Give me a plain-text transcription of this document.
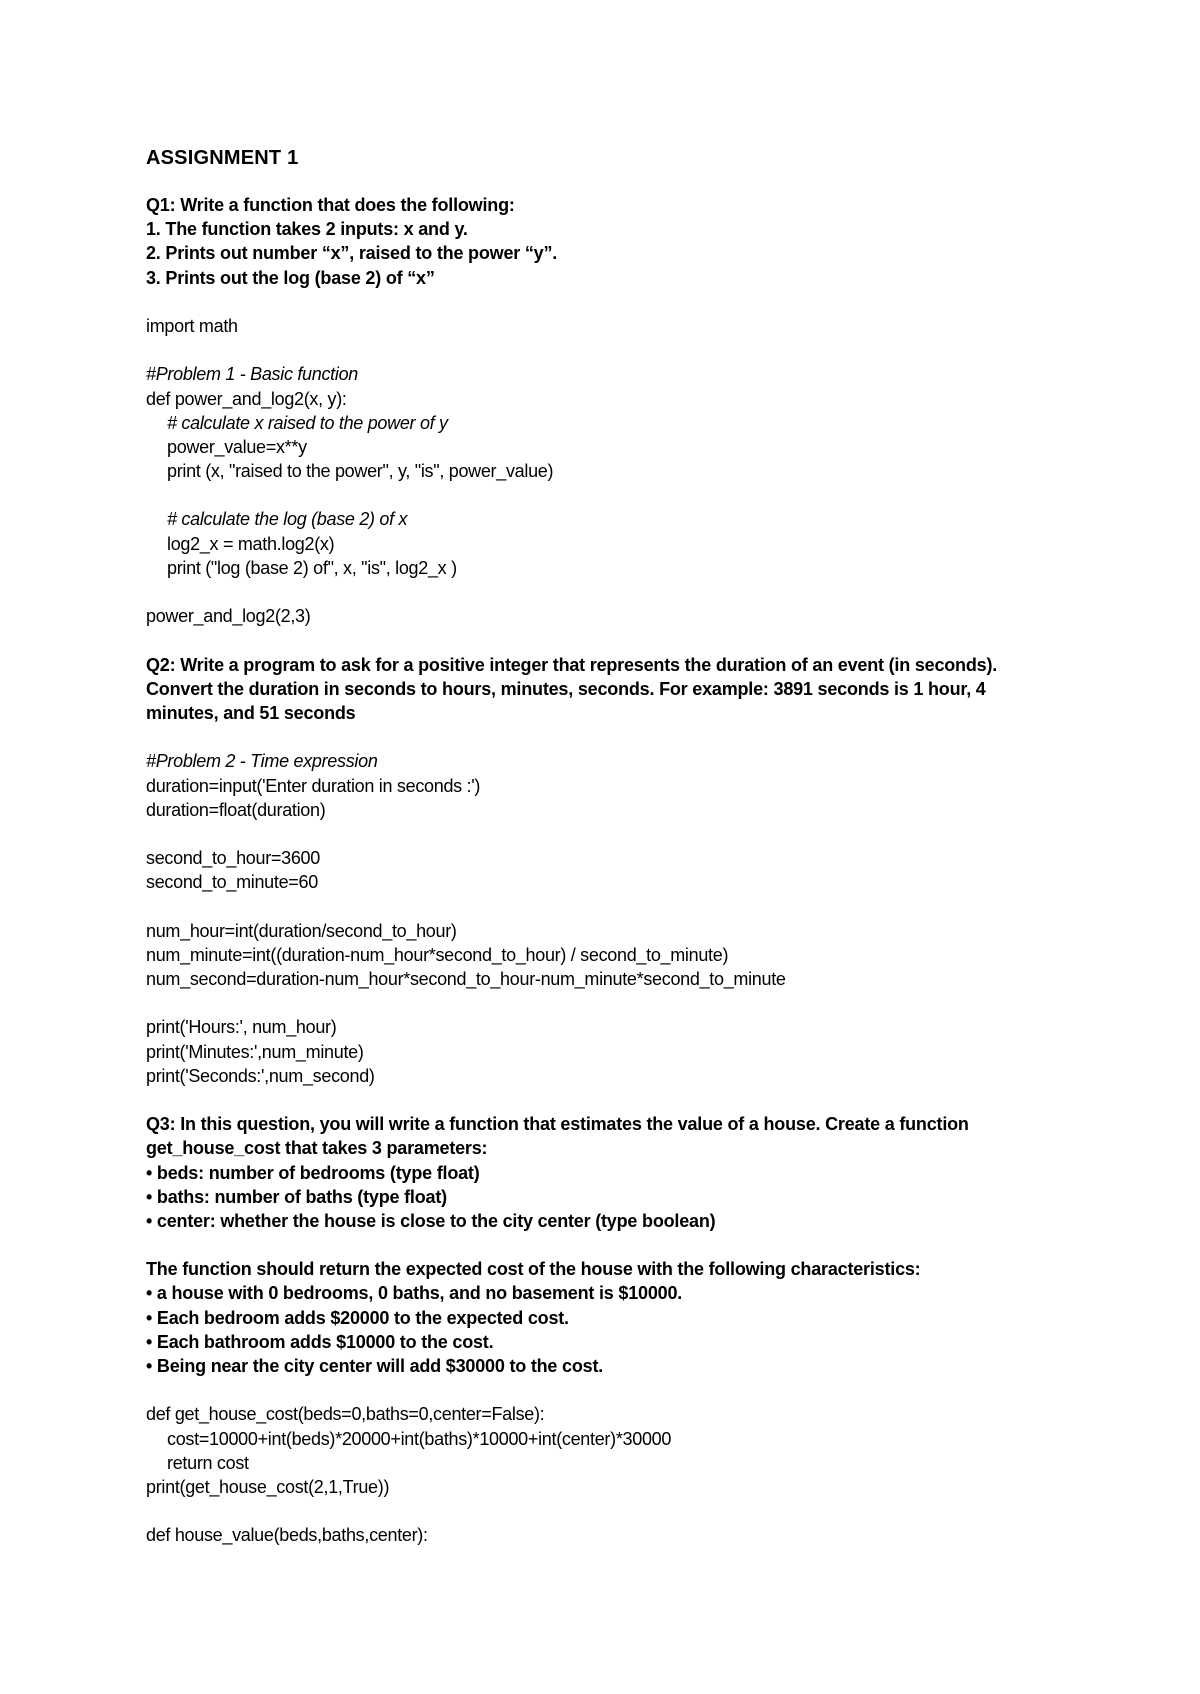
ASSIGNMENT 1
Q1: Write a function that does the following:
1. The function takes 2 inputs: x and y.
2. Prints out number “x”, raised to the power “y”.
3. Prints out the log (base 2) of “x”
import math
#Problem 1 - Basic function
def power_and_log2(x, y):
# calculate x raised to the power of y
power_value=x**y
print (x, "raised to the power", y, "is", power_value)
# calculate the log (base 2) of x
log2_x = math.log2(x)
print ("log (base 2) of", x, "is", log2_x )
power_and_log2(2,3)
Q2: Write a program to ask for a positive integer that represents the duration of an event (in seconds).
Convert the duration in seconds to hours, minutes, seconds. For example: 3891 seconds is 1 hour, 4
minutes, and 51 seconds
#Problem 2 - Time expression
duration=input('Enter duration in seconds :')
duration=float(duration)
second_to_hour=3600
second_to_minute=60
num_hour=int(duration/second_to_hour)
num_minute=int((duration-num_hour*second_to_hour) / second_to_minute)
num_second=duration-num_hour*second_to_hour-num_minute*second_to_minute
print('Hours:', num_hour)
print('Minutes:',num_minute)
print('Seconds:',num_second)
Q3: In this question, you will write a function that estimates the value of a house. Create a function
get_house_cost that takes 3 parameters:
• beds: number of bedrooms (type float)
• baths: number of baths (type float)
• center: whether the house is close to the city center (type boolean)
The function should return the expected cost of the house with the following characteristics:
• a house with 0 bedrooms, 0 baths, and no basement is $10000.
• Each bedroom adds $20000 to the expected cost.
• Each bathroom adds $10000 to the cost.
• Being near the city center will add $30000 to the cost.
def get_house_cost(beds=0,baths=0,center=False):
cost=10000+int(beds)*20000+int(baths)*10000+int(center)*30000
return cost
print(get_house_cost(2,1,True))
def house_value(beds,baths,center):
